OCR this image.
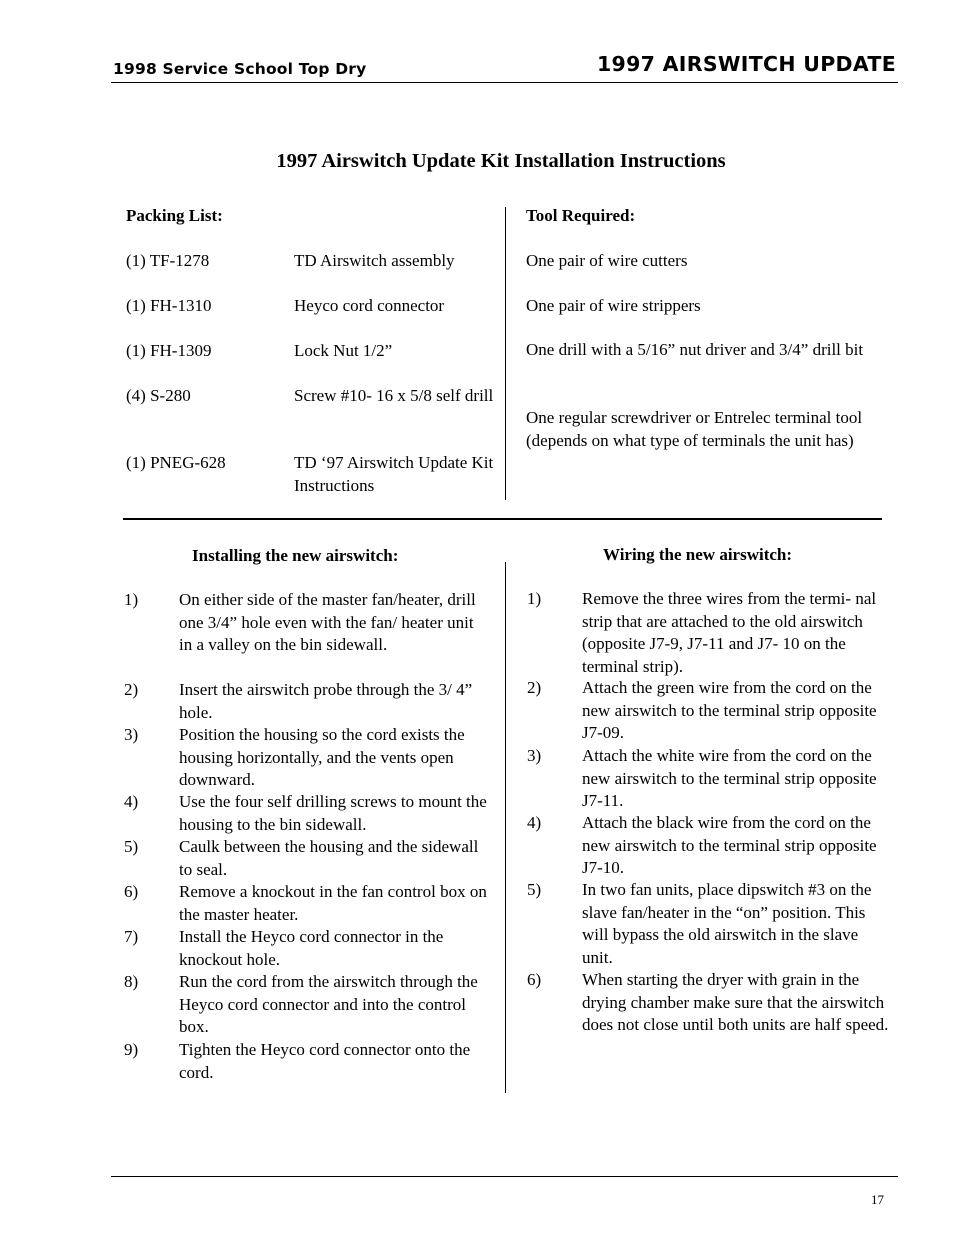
1998 Service School Top Dry	1997 AIRSWITCH UPDATE
1997 Airswitch Update Kit Installation Instructions
Packing List:
(1) TF-1278	TD Airswitch assembly
(1) FH-1310	Heyco cord connector
(1) FH-1309	Lock Nut 1/2”
(4) S-280	Screw #10- 16 x 5/8 self drill
(1) PNEG-628	TD ‘97 Airswitch Update Kit Instructions
Tool Required:
One pair of wire cutters
One pair of wire strippers
One drill with a 5/16” nut driver and 3/4” drill bit
One regular screwdriver or Entrelec terminal tool (depends on what type of terminals the unit has)
Installing the new airswitch:
1) On either side of the master fan/heater, drill one 3/4” hole even with the fan/ heater unit in a valley on the bin sidewall.
2) Insert the airswitch probe through the 3/ 4” hole.
3) Position the housing so the cord exists the housing horizontally, and the vents open downward.
4) Use the four self drilling screws to mount the housing to the bin sidewall.
5) Caulk between the housing and the sidewall to seal.
6) Remove a knockout in the fan control box on the master heater.
7) Install the Heyco cord connector in the knockout hole.
8) Run the cord from the airswitch through the Heyco cord connector and into the control box.
9) Tighten the Heyco cord connector onto the cord.
Wiring the new airswitch:
1) Remove the three wires from the termi- nal strip that are attached to the old airswitch (opposite J7-9, J7-11 and J7- 10 on the terminal strip).
2) Attach the green wire from the cord on the new airswitch to the terminal strip opposite J7-09.
3) Attach the white wire from the cord on the new airswitch to the terminal strip opposite J7-11.
4) Attach the black wire from the cord on the new airswitch to the terminal strip opposite J7-10.
5) In two fan units, place dipswitch #3 on the slave fan/heater in the “on” position. This will bypass the old airswitch in the slave unit.
6) When starting the dryer with grain in the drying chamber make sure that the airswitch does not close until both units are half speed.
17
